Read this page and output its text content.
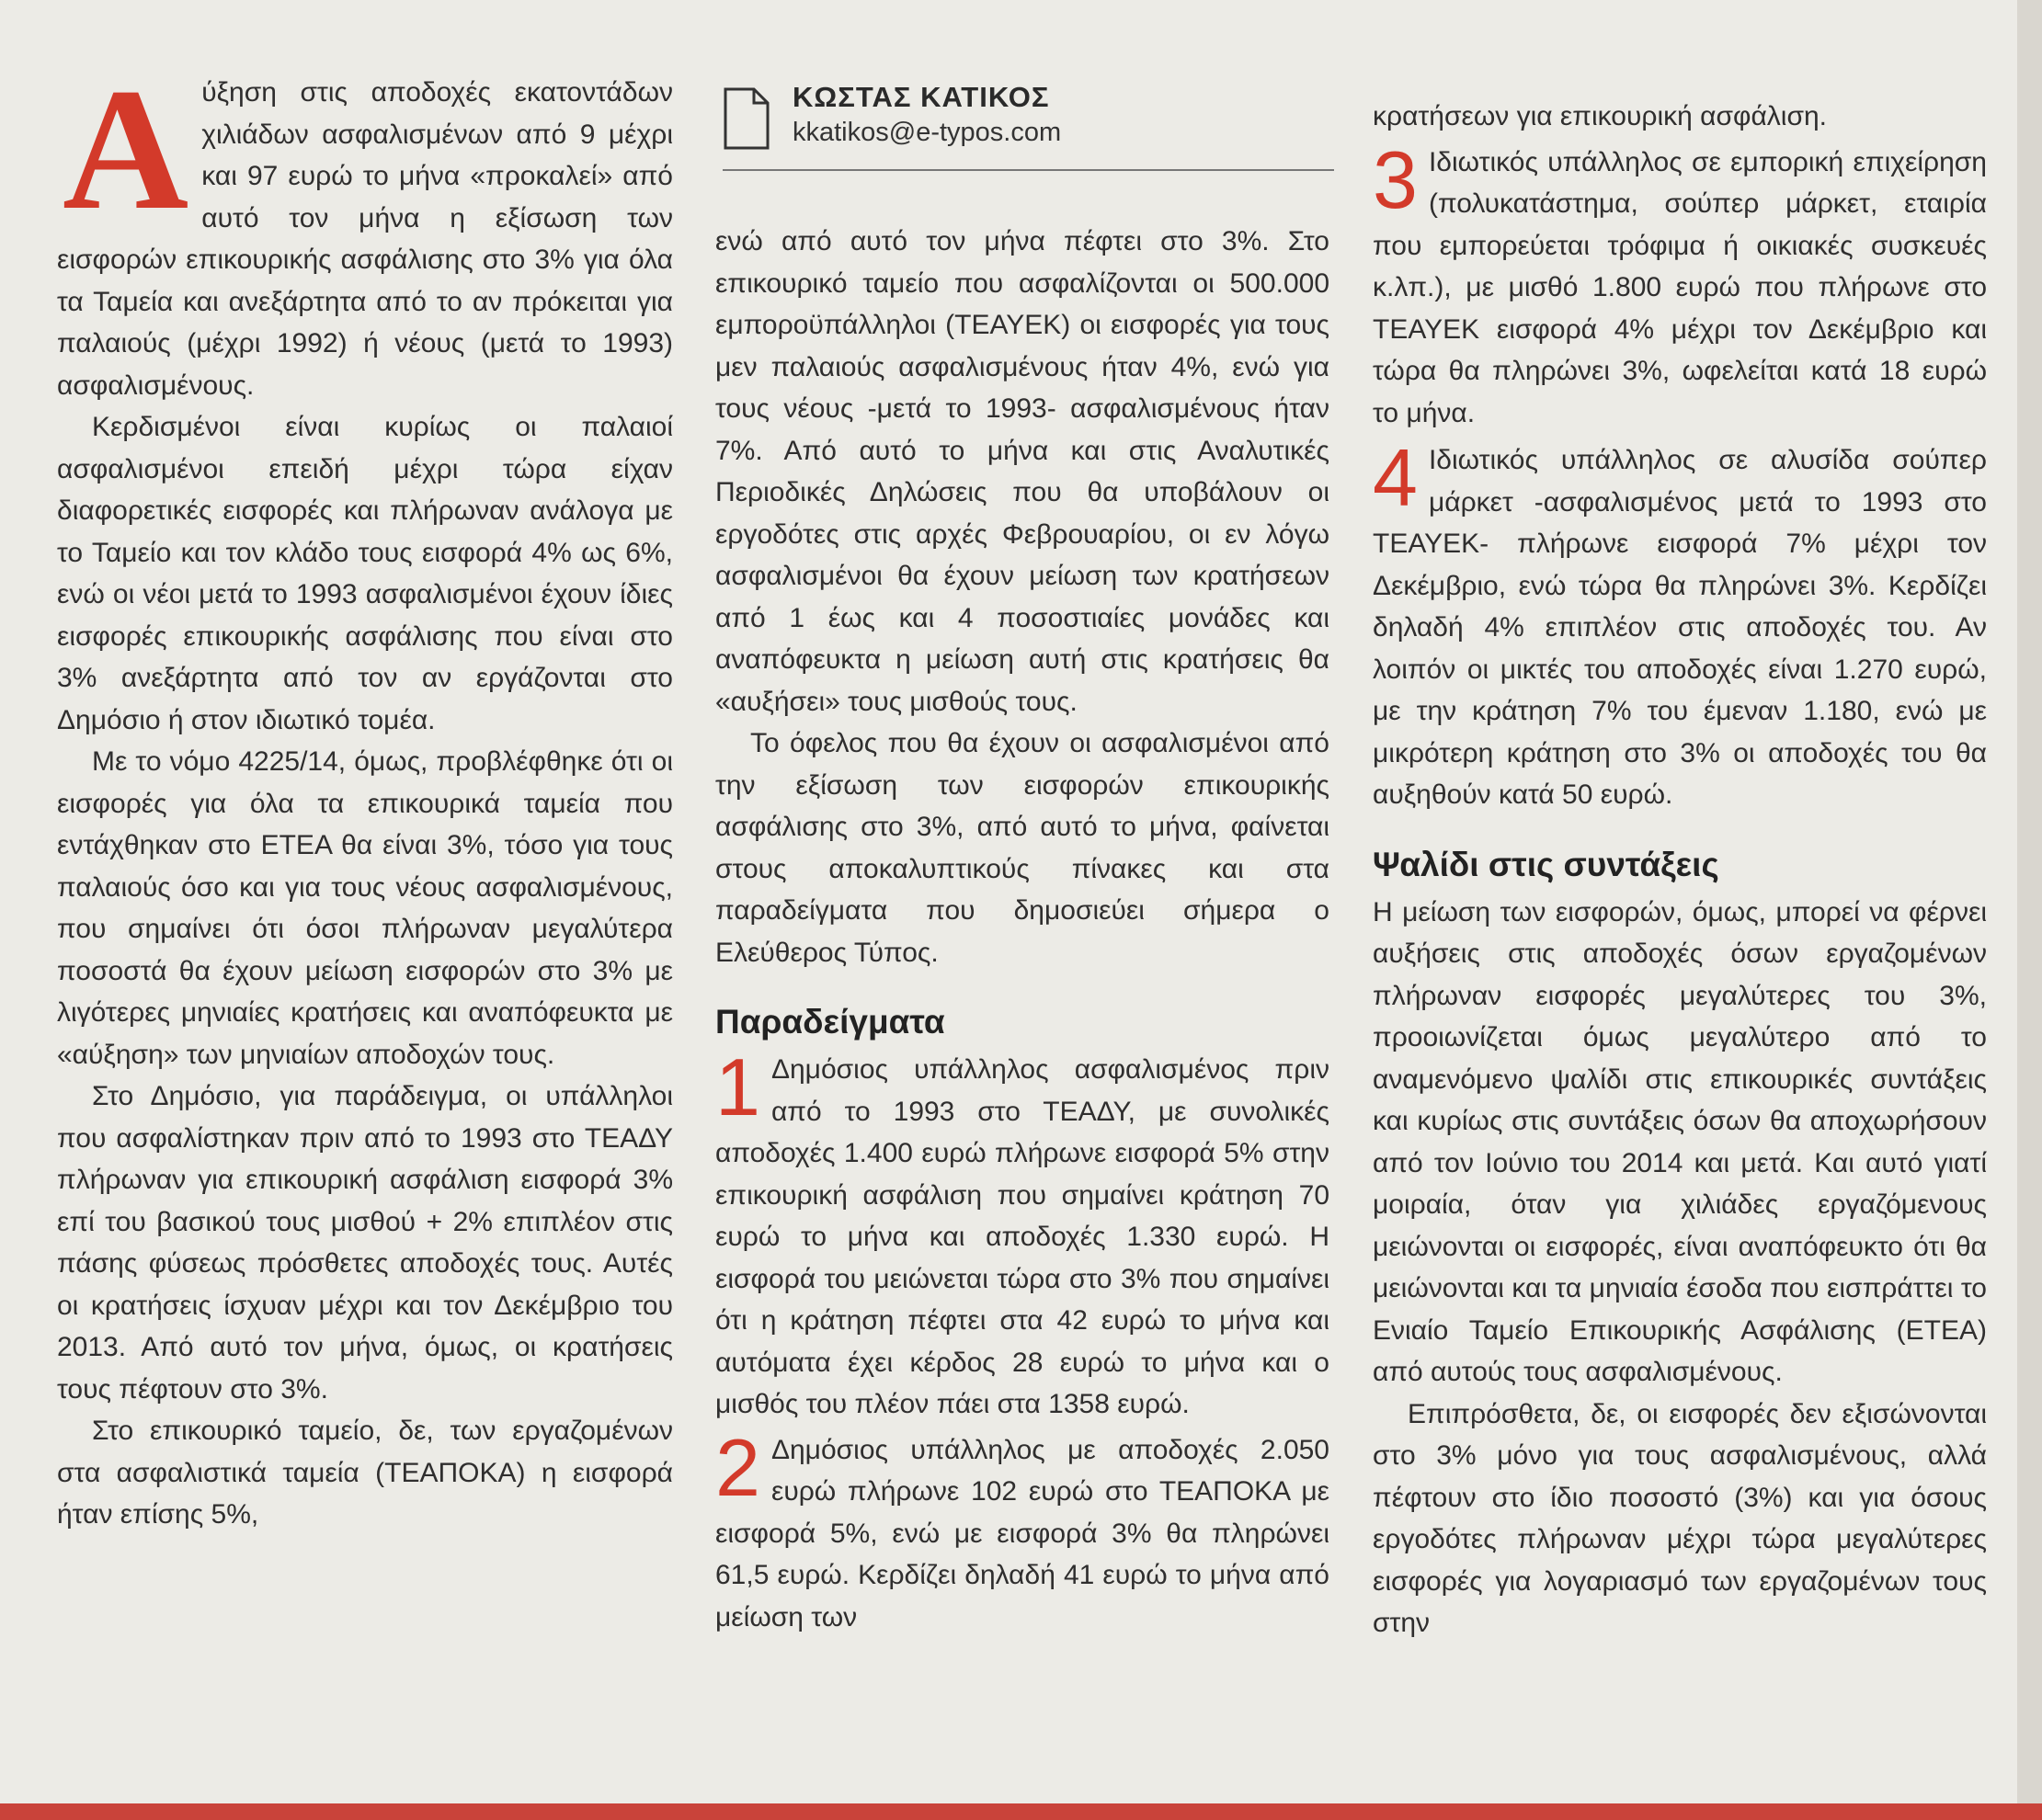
Α ύξηση στις αποδοχές εκατοντάδων χιλιάδων ασφαλισμένων από 9 μέχρι και 97 ευρώ το μήνα «προκαλεί» από αυτό τον μήνα η εξίσωση των εισφορών επικουρικής ασφάλισης στο 3% για όλα τα Ταμεία και ανεξάρτητα από το αν πρόκειται για παλαιούς (μέχρι 1992) ή νέους (μετά το 1993) ασφαλισμένους.

Κερδισμένοι είναι κυρίως οι παλαιοί ασφαλισμένοι επειδή μέχρι τώρα είχαν διαφορετικές εισφορές και πλήρωναν ανάλογα με το Ταμείο και τον κλάδο τους εισφορά 4% ως 6%, ενώ οι νέοι μετά το 1993 ασφαλισμένοι έχουν ίδιες εισφορές επικουρικής ασφάλισης που είναι στο 3% ανεξάρτητα από τον αν εργάζονται στο Δημόσιο ή στον ιδιωτικό τομέα.

Με το νόμο 4225/14, όμως, προβλέφθηκε ότι οι εισφορές για όλα τα επικουρικά ταμεία που εντάχθηκαν στο ΕΤΕΑ θα είναι 3%, τόσο για τους παλαιούς όσο και για τους νέους ασφαλισμένους, που σημαίνει ότι όσοι πλήρωναν μεγαλύτερα ποσοστά θα έχουν μείωση εισφορών στο 3% με λιγότερες μηνιαίες κρατήσεις και αναπόφευκτα με «αύξηση» των μηνιαίων αποδοχών τους.

Στο Δημόσιο, για παράδειγμα, οι υπάλληλοι που ασφαλίστηκαν πριν από το 1993 στο ΤΕΑΔΥ πλήρωναν για επικουρική ασφάλιση εισφορά 3% επί του βασικού τους μισθού + 2% επιπλέον στις πάσης φύσεως πρόσθετες αποδοχές τους. Αυτές οι κρατήσεις ίσχυαν μέχρι και τον Δεκέμβριο του 2013. Από αυτό τον μήνα, όμως, οι κρατήσεις τους πέφτουν στο 3%.

Στο επικουρικό ταμείο, δε, των εργαζομένων στα ασφαλιστικά ταμεία (ΤΕΑΠΟΚΑ) η εισφορά ήταν επίσης 5%,

ΚΩΣΤΑΣ ΚΑΤΙΚΟΣ
kkatikos@e-typos.com

ενώ από αυτό τον μήνα πέφτει στο 3%. Στο επικουρικό ταμείο που ασφαλίζονται οι 500.000 εμποροϋπάλληλοι (ΤΕΑΥΕΚ) οι εισφορές για τους μεν παλαιούς ασφαλισμένους ήταν 4%, ενώ για τους νέους -μετά το 1993- ασφαλισμένους ήταν 7%. Από αυτό το μήνα και στις Αναλυτικές Περιοδικές Δηλώσεις που θα υποβάλουν οι εργοδότες στις αρχές Φεβρουαρίου, οι εν λόγω ασφαλισμένοι θα έχουν μείωση των κρατήσεων από 1 έως και 4 ποσοστιαίες μονάδες και αναπόφευκτα η μείωση αυτή στις κρατήσεις θα «αυξήσει» τους μισθούς τους.

Το όφελος που θα έχουν οι ασφαλισμένοι από την εξίσωση των εισφορών επικουρικής ασφάλισης στο 3%, από αυτό το μήνα, φαίνεται στους αποκαλυπτικούς πίνακες και στα παραδείγματα που δημοσιεύει σήμερα ο Ελεύθερος Τύπος.

Παραδείγματα
1 Δημόσιος υπάλληλος ασφαλισμένος πριν από το 1993 στο ΤΕΑΔΥ, με συνολικές αποδοχές 1.400 ευρώ πλήρωνε εισφορά 5% στην επικουρική ασφάλιση που σημαίνει κράτηση 70 ευρώ το μήνα και αποδοχές 1.330 ευρώ. Η εισφορά του μειώνεται τώρα στο 3% που σημαίνει ότι η κράτηση πέφτει στα 42 ευρώ το μήνα και αυτόματα έχει κέρδος 28 ευρώ το μήνα και ο μισθός του πλέον πάει στα 1358 ευρώ.

2 Δημόσιος υπάλληλος με αποδοχές 2.050 ευρώ πλήρωνε 102 ευρώ στο ΤΕΑΠΟΚΑ με εισφορά 5%, ενώ με εισφορά 3% θα πληρώνει 61,5 ευρώ. Κερδίζει δηλαδή 41 ευρώ το μήνα από μείωση των

κρατήσεων για επικουρική ασφάλιση.

3 Ιδιωτικός υπάλληλος σε εμπορική επιχείρηση (πολυκατάστημα, σούπερ μάρκετ, εταιρία που εμπορεύεται τρόφιμα ή οικιακές συσκευές κ.λπ.), με μισθό 1.800 ευρώ που πλήρωνε στο ΤΕΑΥΕΚ εισφορά 4% μέχρι τον Δεκέμβριο και τώρα θα πληρώνει 3%, ωφελείται κατά 18 ευρώ το μήνα.

4 Ιδιωτικός υπάλληλος σε αλυσίδα σούπερ μάρκετ -ασφαλισμένος μετά το 1993 στο ΤΕΑΥΕΚ- πλήρωνε εισφορά 7% μέχρι τον Δεκέμβριο, ενώ τώρα θα πληρώνει 3%. Κερδίζει δηλαδή 4% επιπλέον στις αποδοχές του. Αν λοιπόν οι μικτές του αποδοχές είναι 1.270 ευρώ, με την κράτηση 7% του έμεναν 1.180, ενώ με μικρότερη κράτηση στο 3% οι αποδοχές του θα αυξηθούν κατά 50 ευρώ.

Ψαλίδι στις συντάξεις

Η μείωση των εισφορών, όμως, μπορεί να φέρνει αυξήσεις στις αποδοχές όσων εργαζομένων πλήρωναν εισφορές μεγαλύτερες του 3%, προοιωνίζεται όμως μεγαλύτερο από το αναμενόμενο ψαλίδι στις επικουρικές συντάξεις και κυρίως στις συντάξεις όσων θα αποχωρήσουν από τον Ιούνιο του 2014 και μετά. Και αυτό γιατί μοιραία, όταν για χιλιάδες εργαζόμενους μειώνονται οι εισφορές, είναι αναπόφευκτο ότι θα μειώνονται και τα μηνιαία έσοδα που εισπράττει το Ενιαίο Ταμείο Επικουρικής Ασφάλισης (ΕΤΕΑ) από αυτούς τους ασφαλισμένους.

Επιπρόσθετα, δε, οι εισφορές δεν εξισώνονται στο 3% μόνο για τους ασφαλισμένους, αλλά πέφτουν στο ίδιο ποσοστό (3%) και για όσους εργοδότες πλήρωναν μέχρι τώρα μεγαλύτερες εισφορές για λογαριασμό των εργαζομένων τους στην
